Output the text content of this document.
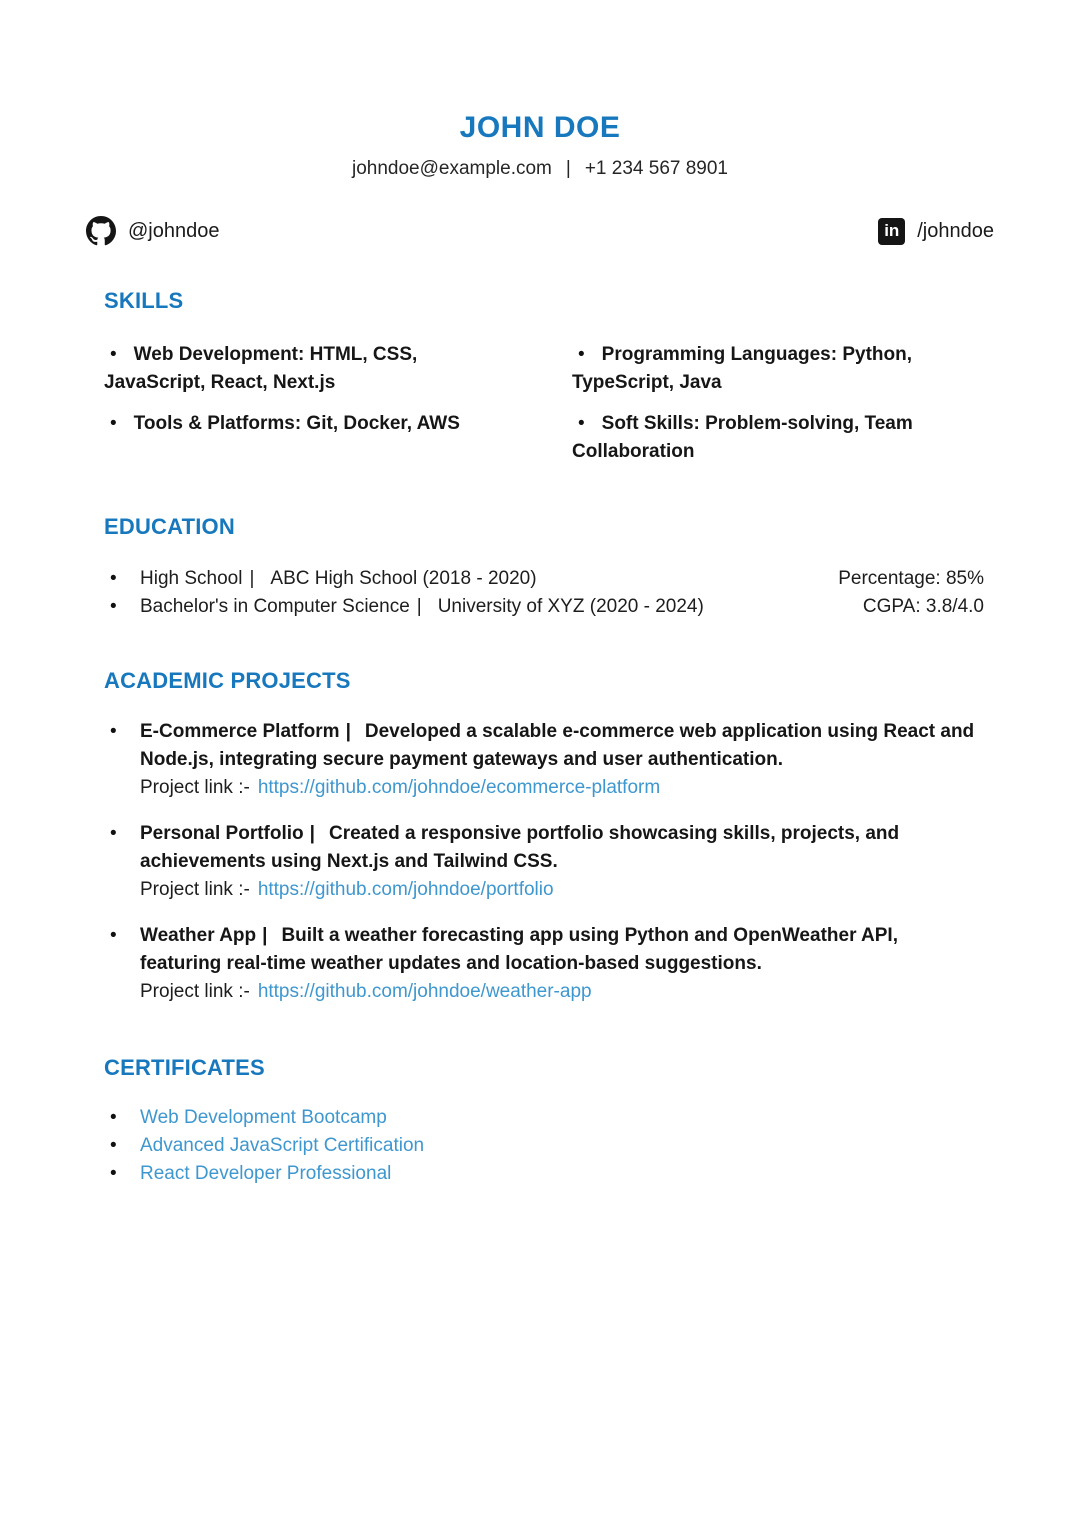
JOHN DOE
johndoe@example.com | +1 234 567 8901
@johndoe	in /johndoe
SKILLS

• Web Development: HTML, CSS, JavaScript, React, Next.js

• Tools & Platforms: Git, Docker, AWS

• Programming Languages: Python, TypeScript, Java

• Soft Skills: Problem-solving, Team Collaboration

EDUCATION
•	High School | ABC High School (2018 - 2020)	Percentage: 85%
•	Bachelor's in Computer Science | University of XYZ (2020 - 2024)	CGPA: 3.8/4.0
ACADEMIC PROJECTS
•	E-Commerce Platform | Developed a scalable e-commerce web application using React and Node.js, integrating secure payment gateways and user authentication.

Project link :- https://github.com/johndoe/ecommerce-platform

•	Personal Portfolio | Created a responsive portfolio showcasing skills, projects, and achievements using Next.js and Tailwind CSS.

Project link :- https://github.com/johndoe/portfolio

•	Weather App | Built a weather forecasting app using Python and OpenWeather API, featuring real-time weather updates and location-based suggestions.

Project link :- https://github.com/johndoe/weather-app

CERTIFICATES
•	Web Development Bootcamp
•	Advanced JavaScript Certification
•	React Developer Professional
